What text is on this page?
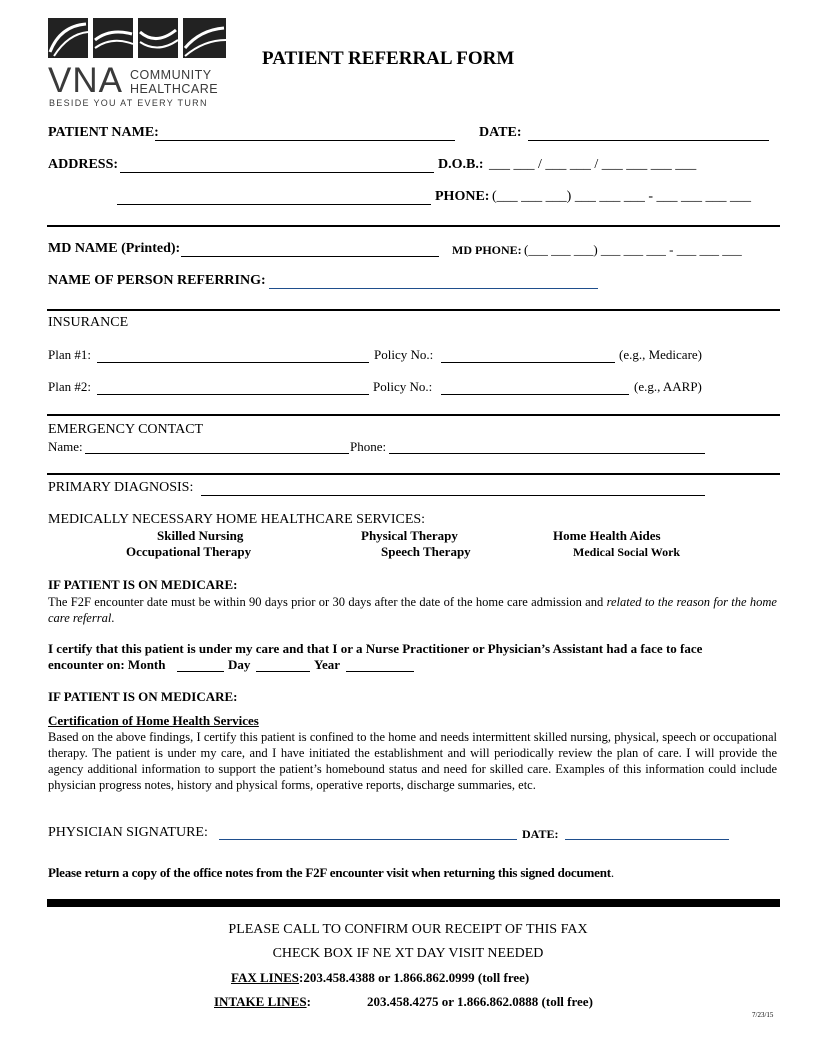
VNA COMMUNITY
HEALTHCARE
BESIDE YOU AT EVERY TURN
PATIENT REFERRAL FORM
PATIENT NAME:	DATE:
ADDRESS:	D.O.B.: ___ ___ / ___ ___ / ___ ___ ___ ___
PHONE: (___ ___ ___) ___ ___ ___ - ___ ___ ___ ___
MD NAME (Printed):	MD PHONE: (___ ___ ___) ___ ___ ___ - ___ ___ ___
NAME OF PERSON REFERRING:
INSURANCE
Plan #1:	Policy No.:	(e.g., Medicare)
Plan #2:	Policy No.:	(e.g., AARP)
EMERGENCY CONTACT
Name:	Phone:
PRIMARY DIAGNOSIS:
MEDICALLY NECESSARY HOME HEALTHCARE SERVICES:
Skilled Nursing	Physical Therapy	Home Health Aides
Occupational Therapy	Speech Therapy	Medical Social Work
IF PATIENT IS ON MEDICARE:
The F2F encounter date must be within 90 days prior or 30 days after the date of the home care admission and related to the reason for the home care referral.
I certify that this patient is under my care and that I or a Nurse Practitioner or Physician’s Assistant had a face to face
encounter on: Month	Day	Year
IF PATIENT IS ON MEDICARE:
Certification of Home Health Services
Based on the above findings, I certify this patient is confined to the home and needs intermittent skilled nursing, physical, speech or occupational therapy. The patient is under my care, and I have initiated the establishment and will periodically review the plan of care. I will provide the agency additional information to support the patient’s homebound status and need for skilled care. Examples of this information could include physician progress notes, history and physical forms, operative reports, discharge summaries, etc.
PHYSICIAN SIGNATURE:	DATE:
Please return a copy of the office notes from the F2F encounter visit when returning this signed document.
PLEASE CALL TO CONFIRM OUR RECEIPT OF THIS FAX
CHECK BOX IF NE XT DAY VISIT NEEDED
FAX LINES:203.458.4388 or 1.866.862.0999 (toll free)
INTAKE LINES:	203.458.4275 or 1.866.862.0888 (toll free)
7/23/15
